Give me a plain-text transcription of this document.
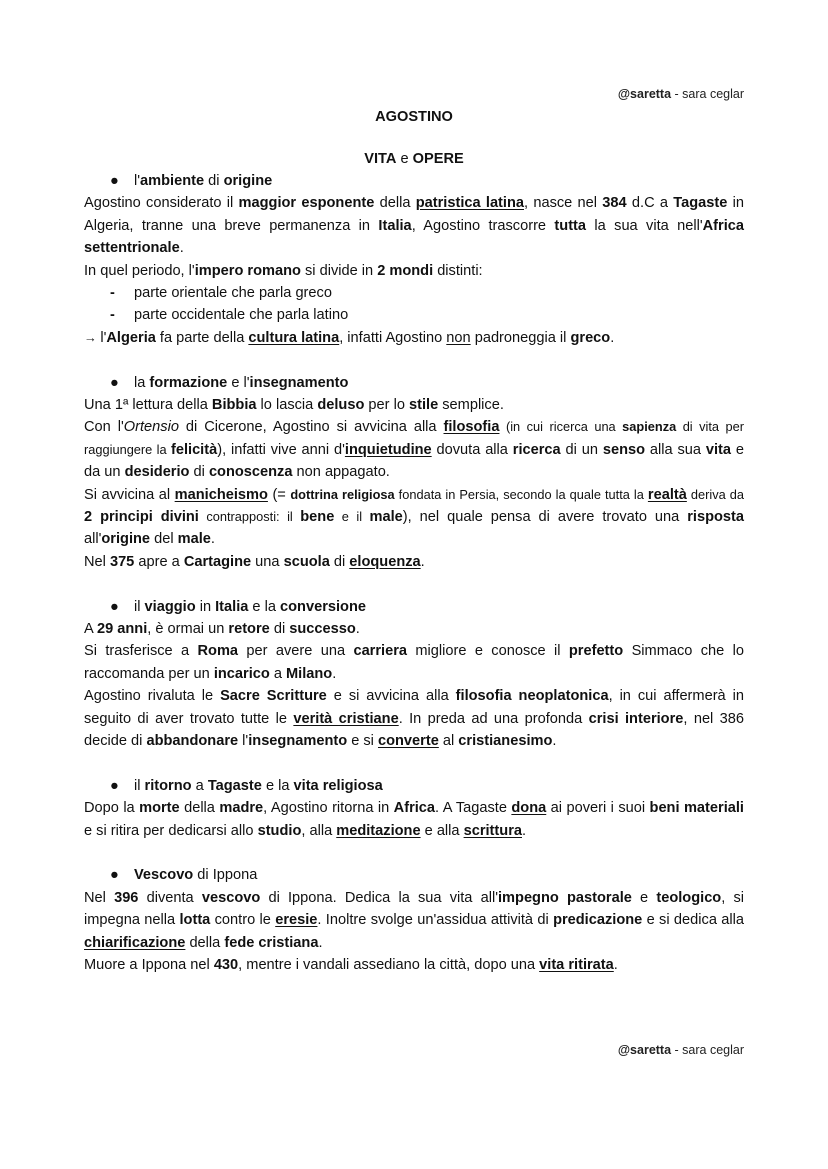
@saretta - sara ceglar
AGOSTINO
VITA e OPERE
● l'ambiente di origine

Agostino considerato il maggior esponente della patristica latina, nasce nel 384 d.C a Tagaste in Algeria, tranne una breve permanenza in Italia, Agostino trascorre tutta la sua vita nell'Africa settentrionale.

In quel periodo, l'impero romano si divide in 2 mondi distinti:

- parte orientale che parla greco
- parte occidentale che parla latino

→ l'Algeria fa parte della cultura latina, infatti Agostino non padroneggia il greco.

● la formazione e l'insegnamento

Una 1ª lettura della Bibbia lo lascia deluso per lo stile semplice.

Con l'Ortensio di Cicerone, Agostino si avvicina alla filosofia (in cui ricerca una sapienza di vita per raggiungere la felicità), infatti vive anni d'inquietudine dovuta alla ricerca di un senso alla sua vita e da un desiderio di conoscenza non appagato.

Si avvicina al manicheismo (= dottrina religiosa fondata in Persia, secondo la quale tutta la realtà deriva da 2 principi divini contrapposti: il bene e il male), nel quale pensa di avere trovato una risposta all'origine del male.

Nel 375 apre a Cartagine una scuola di eloquenza.

● il viaggio in Italia e la conversione

A 29 anni, è ormai un retore di successo.

Si trasferisce a Roma per avere una carriera migliore e conosce il prefetto Simmaco che lo raccomanda per un incarico a Milano.

Agostino rivaluta le Sacre Scritture e si avvicina alla filosofia neoplatonica, in cui affermerà in seguito di aver trovato tutte le verità cristiane. In preda ad una profonda crisi interiore, nel 386 decide di abbandonare l'insegnamento e si converte al cristianesimo.

● il ritorno a Tagaste e la vita religiosa

Dopo la morte della madre, Agostino ritorna in Africa. A Tagaste dona ai poveri i suoi beni materiali e si ritira per dedicarsi allo studio, alla meditazione e alla scrittura.

● Vescovo di Ippona

Nel 396 diventa vescovo di Ippona. Dedica la sua vita all'impegno pastorale e teologico, si impegna nella lotta contro le eresie. Inoltre svolge un'assidua attività di predicazione e si dedica alla chiarificazione della fede cristiana.

Muore a Ippona nel 430, mentre i vandali assediano la città, dopo una vita ritirata.

@saretta - sara ceglar
